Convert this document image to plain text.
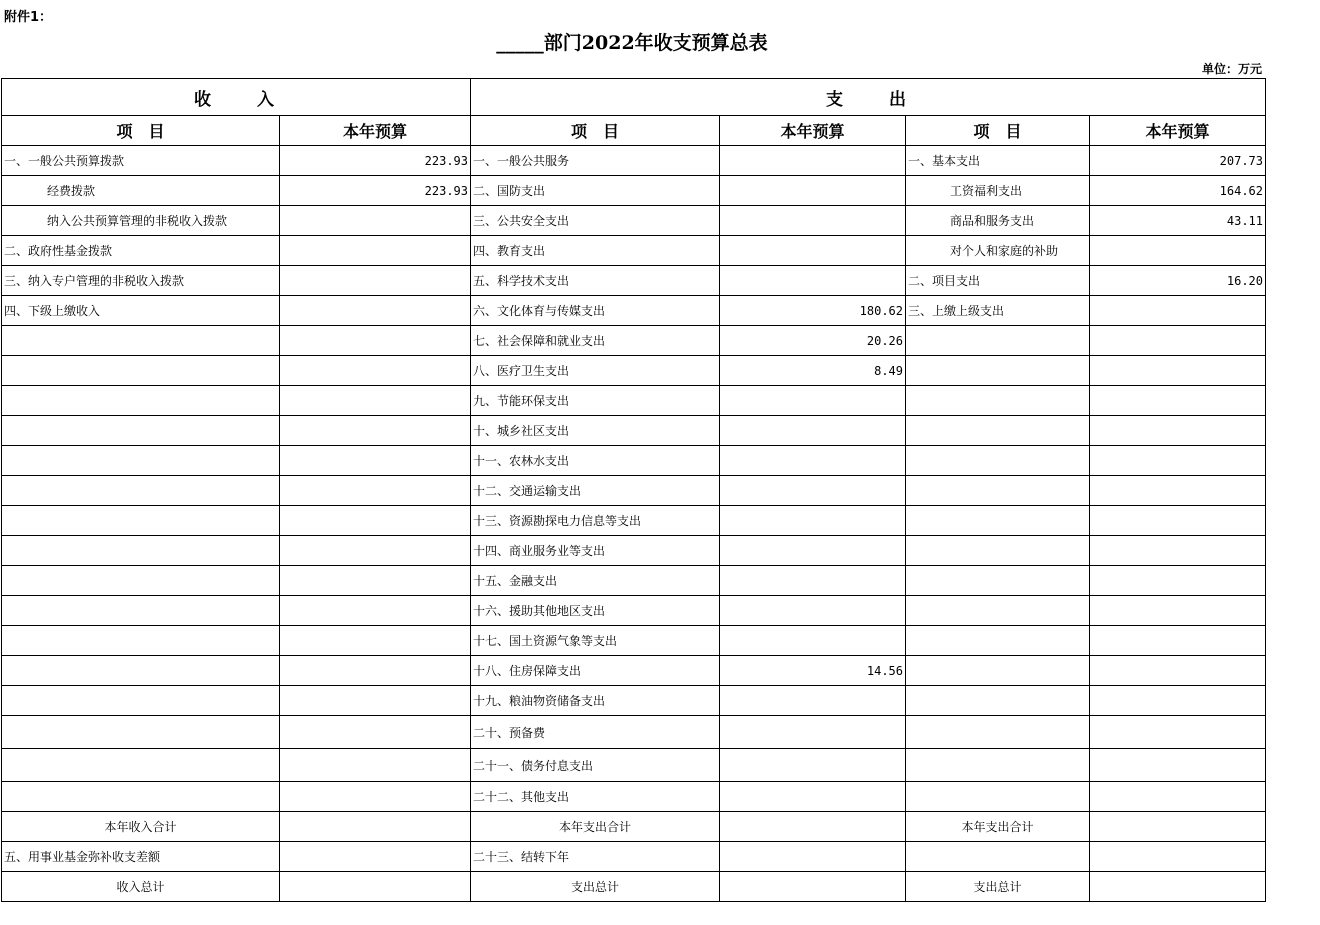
附件1：
_____部门2022年收支预算总表
单位：万元
收　　入		支　　出			
项　目	本年预算	项　目	本年预算	项　目	本年预算
一、一般公共预算拨款	223.93	一、一般公共服务		一、基本支出	207.73
经费拨款	223.93	二、国防支出		工资福利支出	164.62
纳入公共预算管理的非税收入拨款		三、公共安全支出		商品和服务支出	43.11
二、政府性基金拨款		四、教育支出		对个人和家庭的补助	
三、纳入专户管理的非税收入拨款		五、科学技术支出		二、项目支出	16.20
四、下级上缴收入		六、文化体育与传媒支出	180.62	三、上缴上级支出	
		七、社会保障和就业支出	20.26		
		八、医疗卫生支出	8.49		
		九、节能环保支出			
		十、城乡社区支出			
		十一、农林水支出			
		十二、交通运输支出			
		十三、资源勘探电力信息等支出			
		十四、商业服务业等支出			
		十五、金融支出			
		十六、援助其他地区支出			
		十七、国土资源气象等支出			
		十八、住房保障支出	14.56		
		十九、粮油物资储备支出			
		二十、预备费			
		二十一、债务付息支出			
		二十二、其他支出			
本年收入合计		本年支出合计		本年支出合计	
五、用事业基金弥补收支差额		二十三、结转下年			
收入总计		支出总计		支出总计	
